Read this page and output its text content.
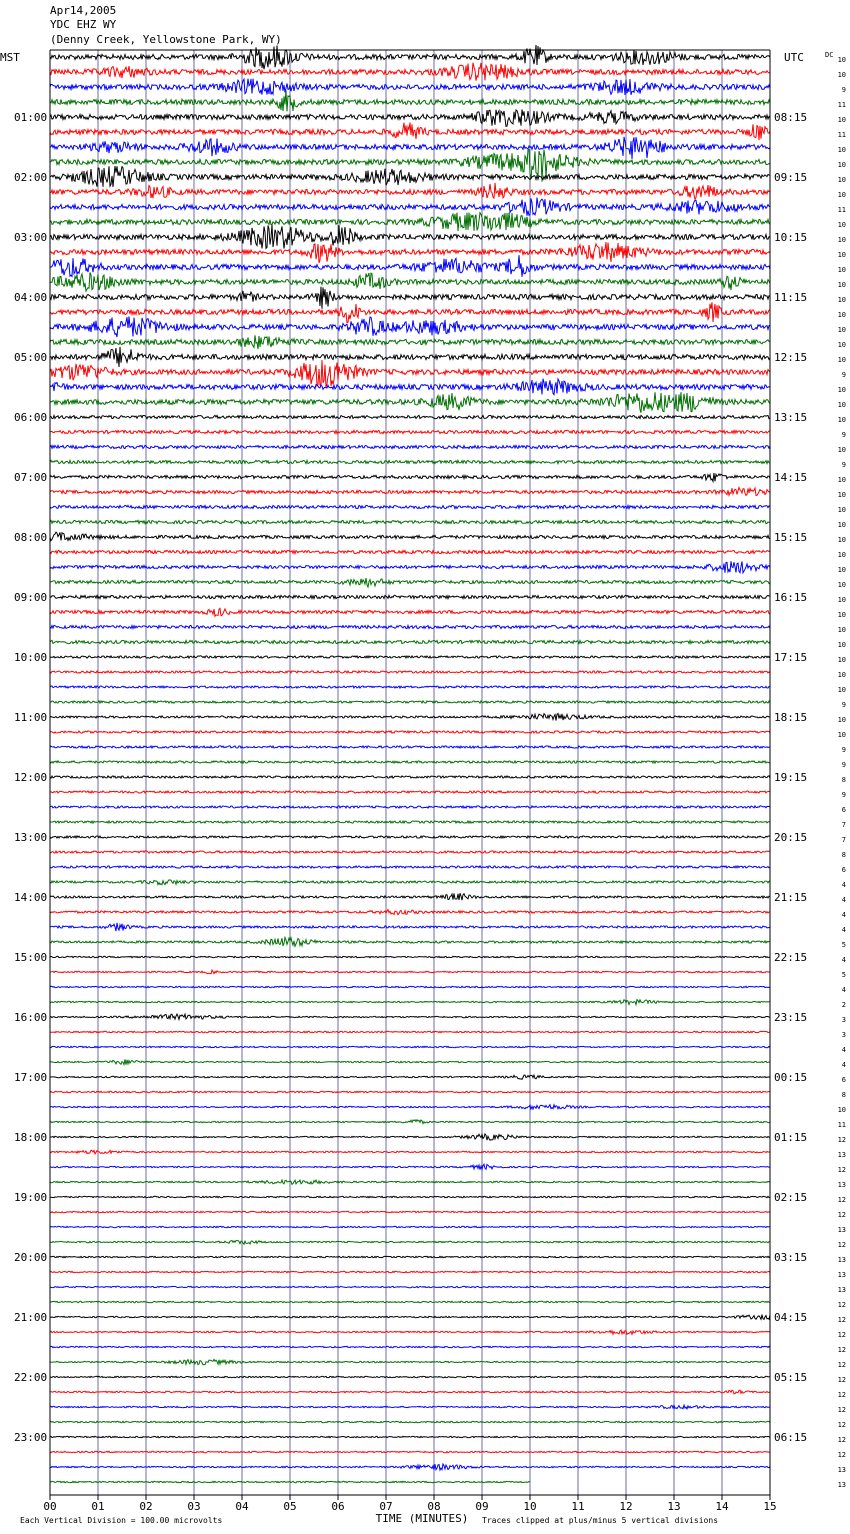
Apr14,2005
YDC EHZ WY
(Denny Creek, Yellowstone Park, WY)
00	01	02	03	04	05	06	07	08	09	10	11	12	13	14	15
TIME (MINUTES)
Each Vertical Division = 100.00 microvolts	Traces clipped at plus/minus 5 vertical divisions
MST	UTC	DC
01:00
02:00
03:00
04:00
05:00
06:00
07:00
08:00
09:00
10:00
11:00
12:00
13:00
14:00
15:00
16:00
17:00
18:00
19:00
20:00
21:00
22:00
23:00
08:15
09:15
10:15
11:15
12:15
13:15
14:15
15:15
16:15
17:15
18:15
19:15
20:15
21:15
22:15
23:15
00:15
01:15
02:15
03:15
04:15
05:15
06:15
10
10
9
11
10
11
10
10
10
10
11
10
10
10
10
10
10
10
10
10
10
9
10
10
10
9
10
9
10
10
10
10
10
10
10
10
10
10
10
10
10
10
10
9
10
10
9
9
8
9
6
7
7
8
6
4
4
4
4
5
4
5
4
2
3
3
4
4
6
8
10
11
12
13
12
13
12
12
13
12
13
13
13
12
12
12
12
12
12
12
12
12
12
12
13
13
